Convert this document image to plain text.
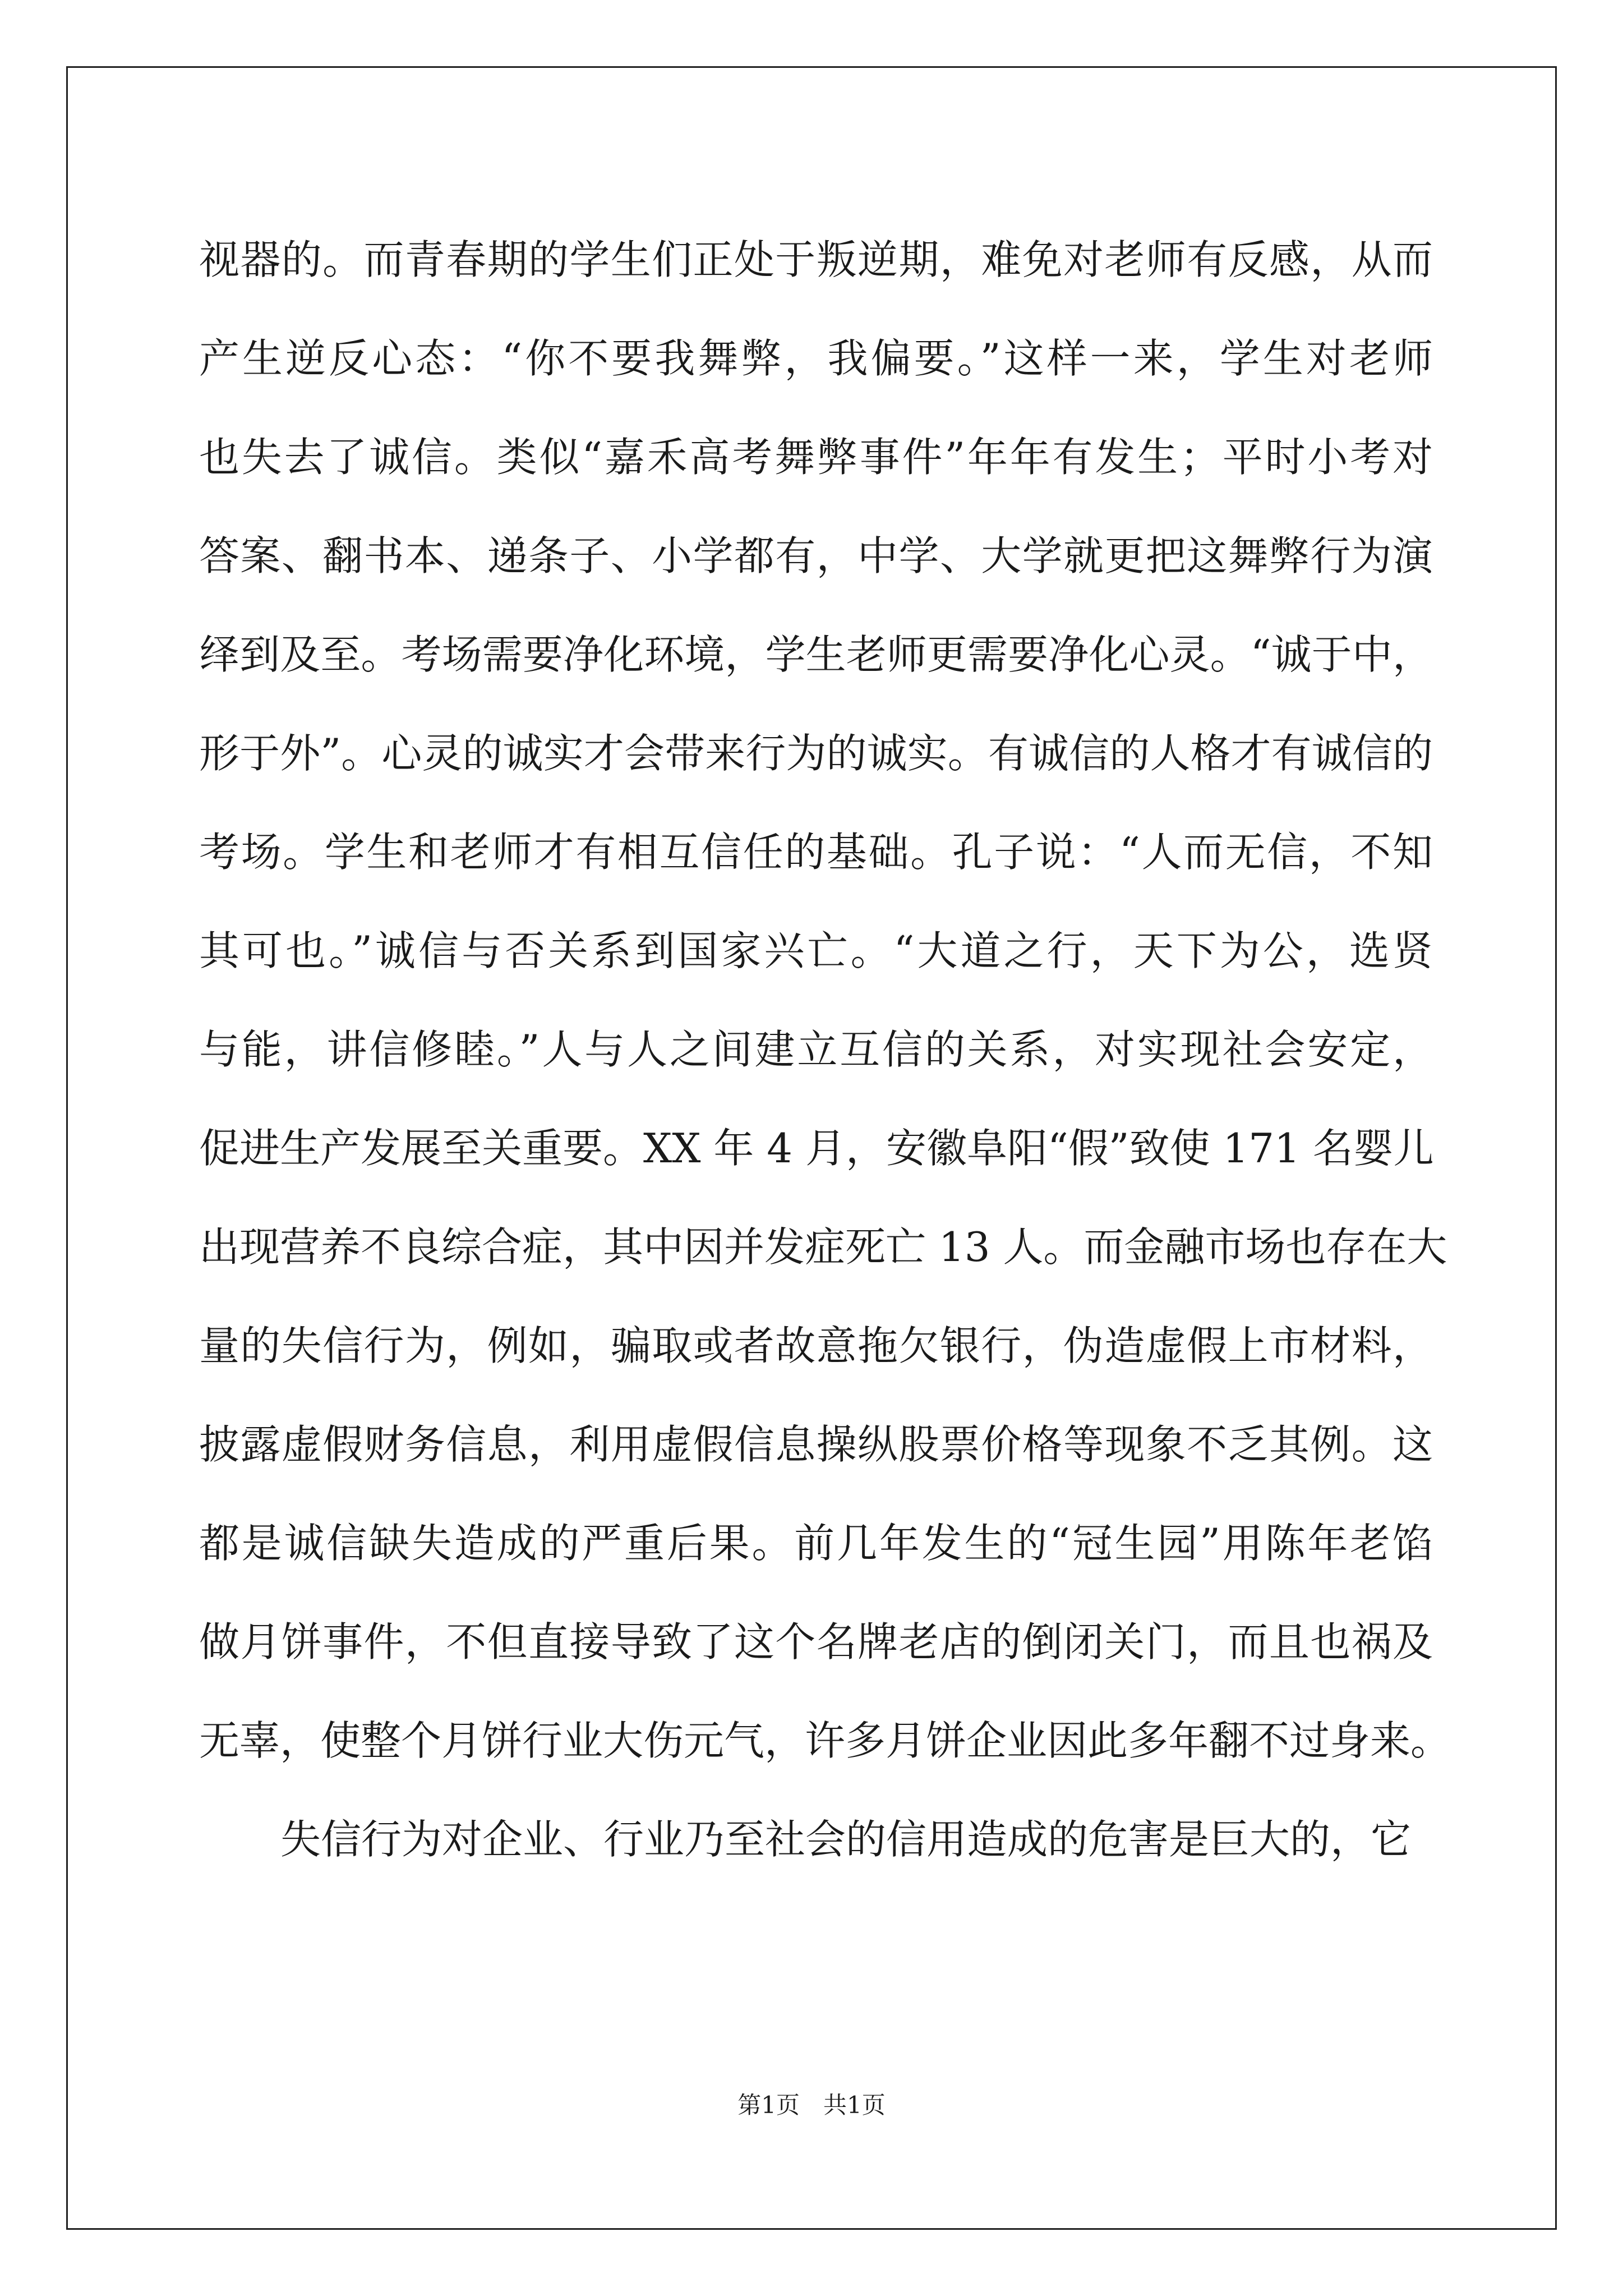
视器的。而青春期的学生们正处于叛逆期，难免对老师有反感，从而
产生逆反心态：“你不要我舞弊，我偏要。”这样一来，学生对老师
也失去了诚信。类似“嘉禾高考舞弊事件”年年有发生；平时小考对
答案、翻书本、递条子、小学都有，中学、大学就更把这舞弊行为演
绎到及至。考场需要净化环境，学生老师更需要净化心灵。“诚于中，
形于外”。心灵的诚实才会带来行为的诚实。有诚信的人格才有诚信的
考场。学生和老师才有相互信任的基础。孔子说：“人而无信，不知
其可也。”诚信与否关系到国家兴亡。“大道之行，天下为公，选贤
与能，讲信修睦。”人与人之间建立互信的关系，对实现社会安定，
促进生产发展至关重要。XX 年 4 月，安徽阜阳“假”致使 171 名婴儿
出现营养不良综合症，其中因并发症死亡 13 人。而金融市场也存在大
量的失信行为，例如，骗取或者故意拖欠银行，伪造虚假上市材料，
披露虚假财务信息，利用虚假信息操纵股票价格等现象不乏其例。这
都是诚信缺失造成的严重后果。前几年发生的“冠生园”用陈年老馅
做月饼事件，不但直接导致了这个名牌老店的倒闭关门，而且也祸及
无辜，使整个月饼行业大伤元气，许多月饼企业因此多年翻不过身来。
失信行为对企业、行业乃至社会的信用造成的危害是巨大的，它
第1页 共1页
